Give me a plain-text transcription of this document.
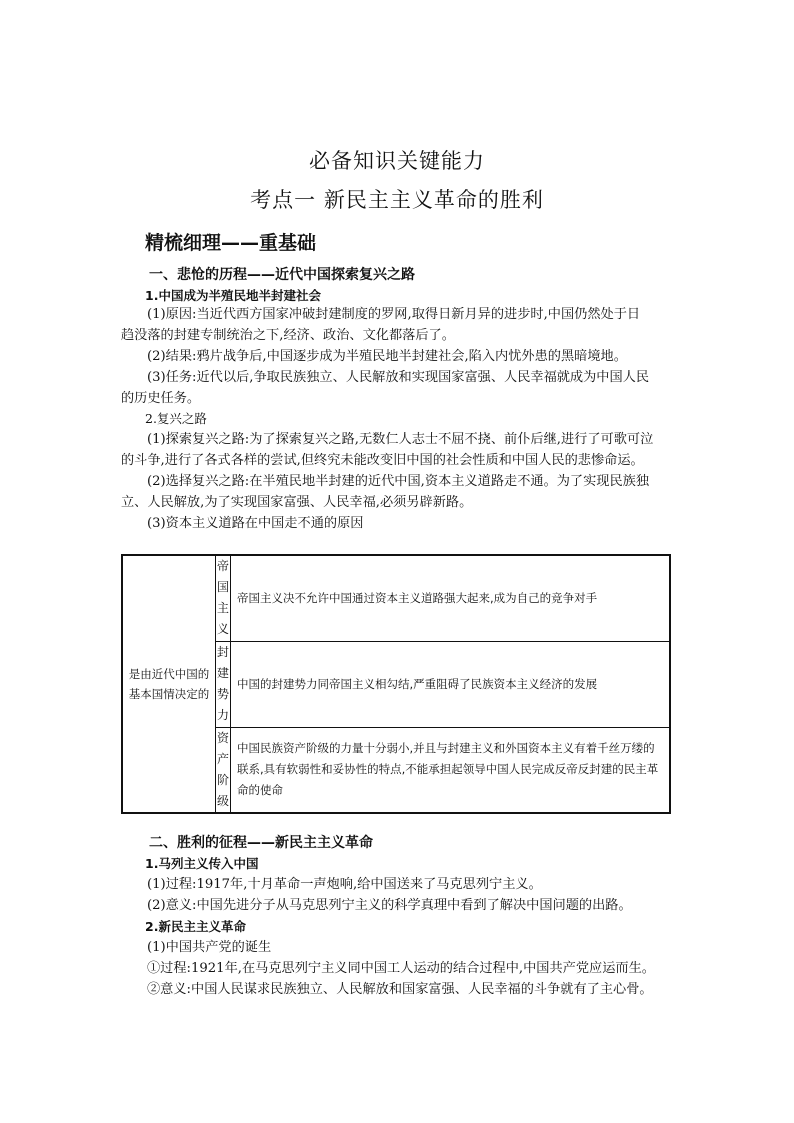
必备知识关键能力
考点一 新民主主义革命的胜利
精梳细理——重基础
一、悲怆的历程——近代中国探索复兴之路
1.中国成为半殖民地半封建社会
(1)原因:当近代西方国家冲破封建制度的罗网,取得日新月异的进步时,中国仍然处于日
趋没落的封建专制统治之下,经济、政治、文化都落后了。
(2)结果:鸦片战争后,中国逐步成为半殖民地半封建社会,陷入内忧外患的黑暗境地。
(3)任务:近代以后,争取民族独立、人民解放和实现国家富强、人民幸福就成为中国人民
的历史任务。
2.复兴之路
(1)探索复兴之路:为了探索复兴之路,无数仁人志士不屈不挠、前仆后继,进行了可歌可泣
的斗争,进行了各式各样的尝试,但终究未能改变旧中国的社会性质和中国人民的悲惨命运。
(2)选择复兴之路:在半殖民地半封建的近代中国,资本主义道路走不通。为了实现民族独
立、人民解放,为了实现国家富强、人民幸福,必须另辟新路。
(3)资本主义道路在中国走不通的原因
是由近代中国的
基本国情决定的	帝
国
主
义	帝国主义决不允许中国通过资本主义道路强大起来,成为自己的竞争对手
	封
建
势
力	中国的封建势力同帝国主义相勾结,严重阻碍了民族资本主义经济的发展
	资
产
阶
级	中国民族资产阶级的力量十分弱小,并且与封建主义和外国资本主义有着千丝万缕的联系,具有软弱性和妥协性的特点,不能承担起领导中国人民完成反帝反封建的民主革命的使命
二、胜利的征程——新民主主义革命
1.马列主义传入中国
(1)过程:1917年,十月革命一声炮响,给中国送来了马克思列宁主义。
(2)意义:中国先进分子从马克思列宁主义的科学真理中看到了解决中国问题的出路。
2.新民主主义革命
(1)中国共产党的诞生
①过程:1921年,在马克思列宁主义同中国工人运动的结合过程中,中国共产党应运而生。
②意义:中国人民谋求民族独立、人民解放和国家富强、人民幸福的斗争就有了主心骨。
